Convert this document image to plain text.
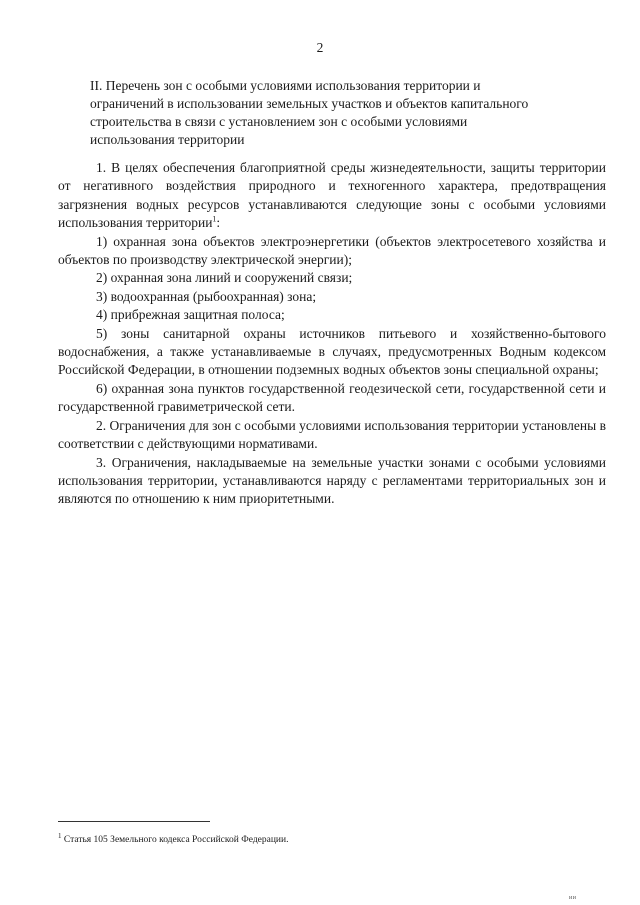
2
II. Перечень зон с особыми условиями использования территории и ограничений в использовании земельных участков и объектов капитального строительства в связи с установлением зон с особыми условиями использования территории

1. В целях обеспечения благоприятной среды жизнедеятельности, защиты территории от негативного воздействия природного и техногенного характера, предотвращения загрязнения водных ресурсов устанавливаются следующие зоны с особыми условиями использования территории$^1$:

1) охранная зона объектов электроэнергетики (объектов электросетевого хозяйства и объектов по производству электрической энергии);

2) охранная зона линий и сооружений связи;

3) водоохранная (рыбоохранная) зона;

4) прибрежная защитная полоса;

5) зоны санитарной охраны источников питьевого и хозяйственно-бытового водоснабжения, а также устанавливаемые в случаях, предусмотренных Водным кодексом Российской Федерации, в отношении подземных водных объектов зоны специальной охраны;

6) охранная зона пунктов государственной геодезической сети, государственной сети и государственной гравиметрической сети.

2. Ограничения для зон с особыми условиями использования территории установлены в соответствии с действующими нормативами.

3. Ограничения, накладываемые на земельные участки зонами с особыми условиями использования территории, устанавливаются наряду с регламентами территориальных зон и являются по отношению к ним приоритетными.

$^1$ Статья 105 Земельного кодекса Российской Федерации.
ии
